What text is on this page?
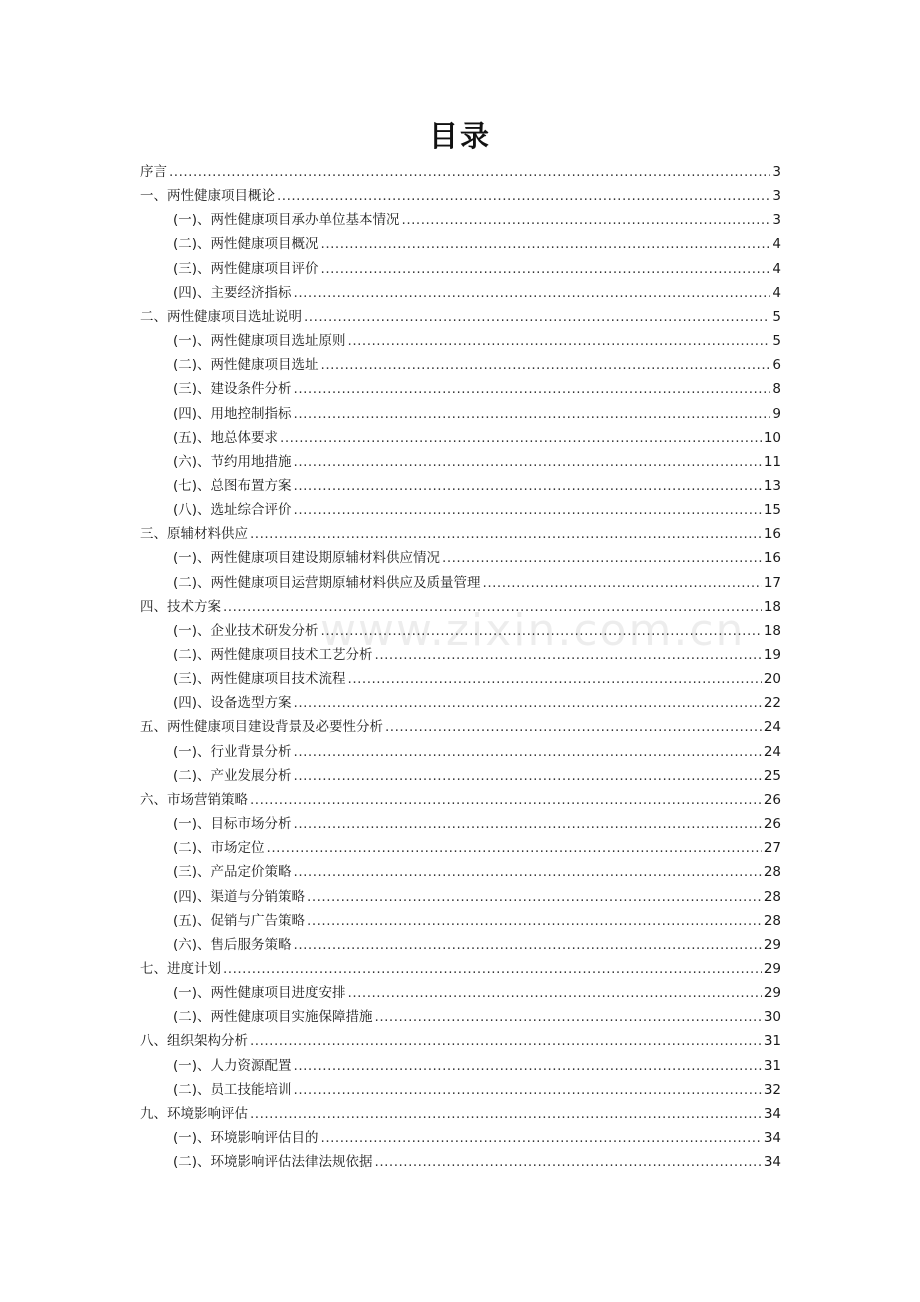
目录
www.zixin.com.cn
序言 .....	3
一、两性健康项目概论 .....	3
(一)、两性健康项目承办单位基本情况 .....	3
(二)、两性健康项目概况 .....	4
(三)、两性健康项目评价 .....	4
(四)、主要经济指标 .....	4
二、两性健康项目选址说明 .....	5
(一)、两性健康项目选址原则 .....	5
(二)、两性健康项目选址 .....	6
(三)、建设条件分析 .....	8
(四)、用地控制指标 .....	9
(五)、地总体要求 .....	10
(六)、节约用地措施 .....	11
(七)、总图布置方案 .....	13
(八)、选址综合评价 .....	15
三、原辅材料供应 .....	16
(一)、两性健康项目建设期原辅材料供应情况 .....	16
(二)、两性健康项目运营期原辅材料供应及质量管理 .....	17
四、技术方案 .....	18
(一)、企业技术研发分析 .....	18
(二)、两性健康项目技术工艺分析 .....	19
(三)、两性健康项目技术流程 .....	20
(四)、设备选型方案 .....	22
五、两性健康项目建设背景及必要性分析 .....	24
(一)、行业背景分析 .....	24
(二)、产业发展分析 .....	25
六、市场营销策略 .....	26
(一)、目标市场分析 .....	26
(二)、市场定位 .....	27
(三)、产品定价策略 .....	28
(四)、渠道与分销策略 .....	28
(五)、促销与广告策略 .....	28
(六)、售后服务策略 .....	29
七、进度计划 .....	29
(一)、两性健康项目进度安排 .....	29
(二)、两性健康项目实施保障措施 .....	30
八、组织架构分析 .....	31
(一)、人力资源配置 .....	31
(二)、员工技能培训 .....	32
九、环境影响评估 .....	34
(一)、环境影响评估目的 .....	34
(二)、环境影响评估法律法规依据 .....	34
